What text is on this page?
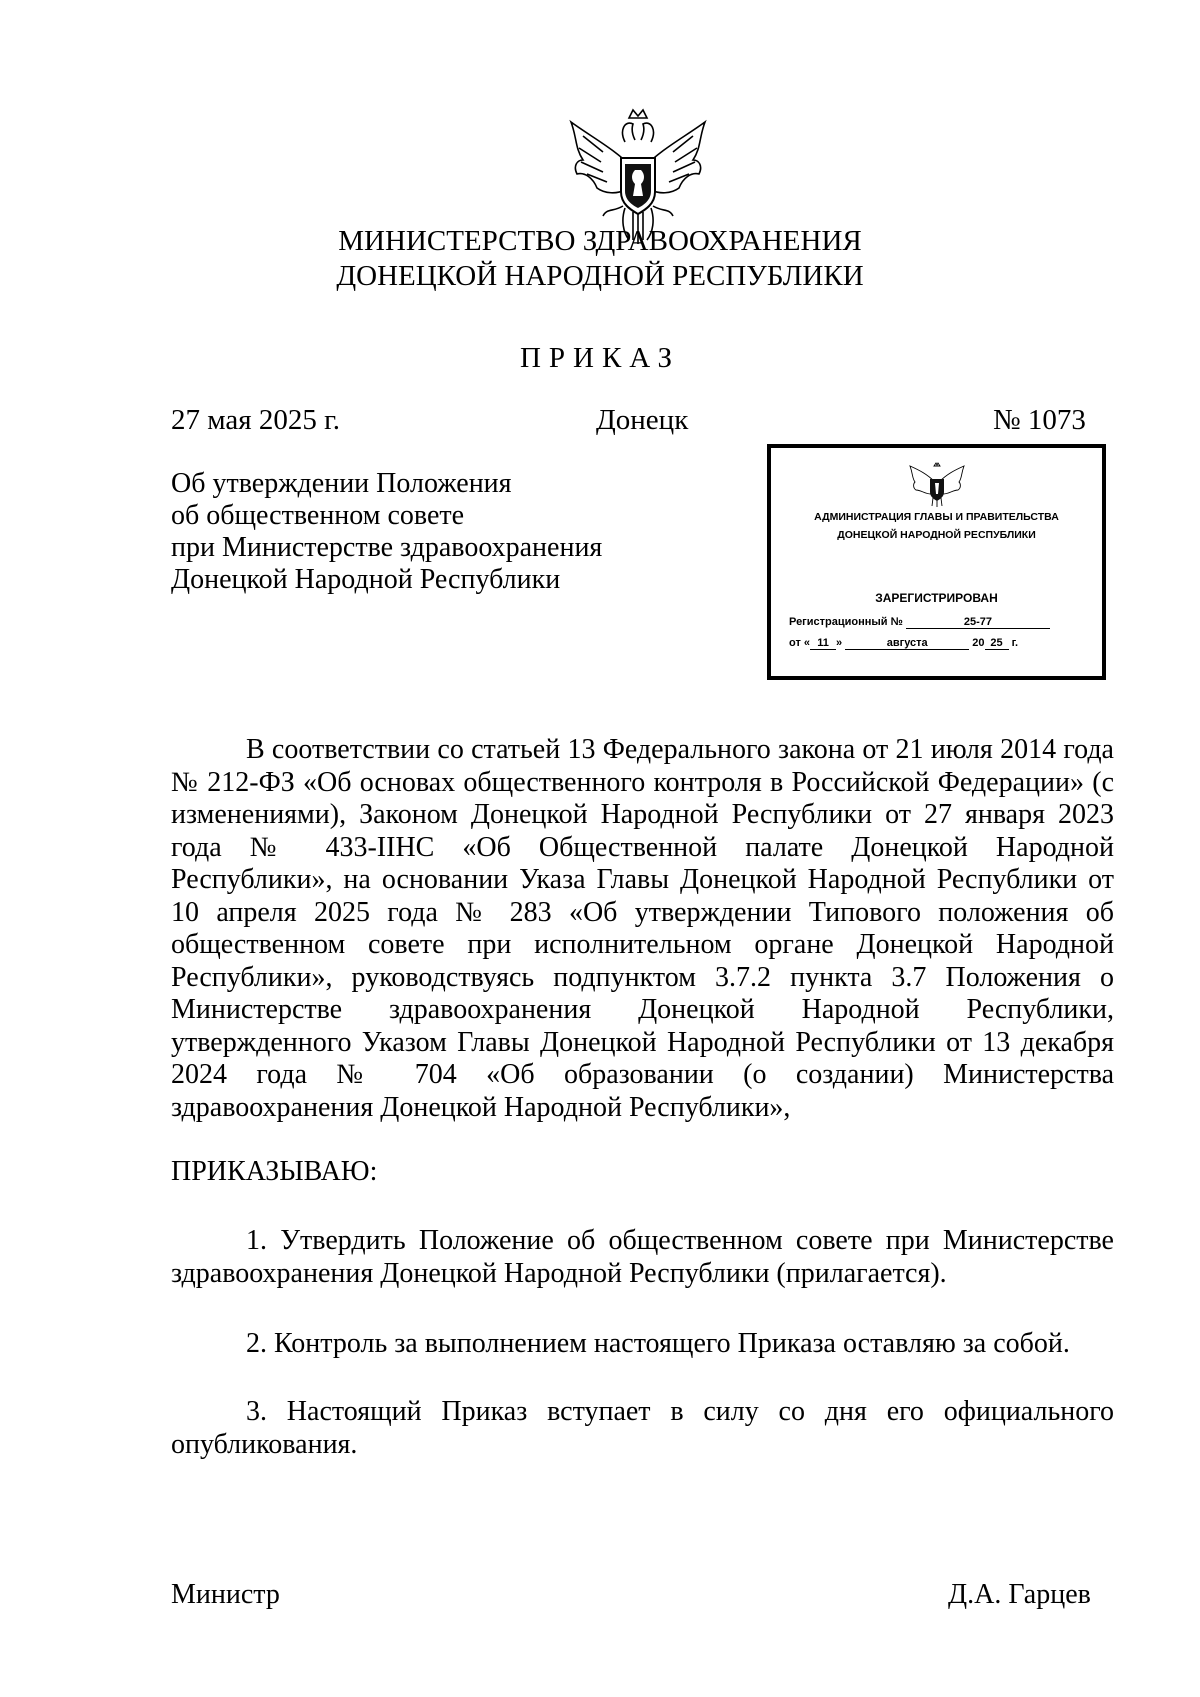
МИНИСТЕРСТВО ЗДРАВООХРАНЕНИЯ
ДОНЕЦКОЙ НАРОДНОЙ РЕСПУБЛИКИ
ПРИКАЗ
27 мая 2025 г.	Донецк	№ 1073
Об утверждении Положения
об общественном совете
при Министерстве здравоохранения
Донецкой Народной Республики
АДМИНИСТРАЦИЯ ГЛАВЫ И ПРАВИТЕЛЬСТВА
ДОНЕЦКОЙ НАРОДНОЙ РЕСПУБЛИКИ
ЗАРЕГИСТРИРОВАН
Регистрационный №	25-77
от « 11 »	августа	20 25 г.

В соответствии со статьей 13 Федерального закона от 21 июля 2014 года № 212-ФЗ «Об основах общественного контроля в Российской Федерации» (с изменениями), Законом Донецкой Народной Республики от 27 января 2023 года № 433-IIНС «Об Общественной палате Донецкой Народной Республики», на основании Указа Главы Донецкой Народной Республики от 10 апреля 2025 года № 283 «Об утверждении Типового положения об общественном совете при исполнительном органе Донецкой Народной Республики», руководствуясь подпунктом 3.7.2 пункта 3.7 Положения о Министерстве здравоохранения Донецкой Народной Республики, утвержденного Указом Главы Донецкой Народной Республики от 13 декабря 2024 года № 704 «Об образовании (о создании) Министерства здравоохранения Донецкой Народной Республики»,

ПРИКАЗЫВАЮ:

1. Утвердить Положение об общественном совете при Министерстве здравоохранения Донецкой Народной Республики (прилагается).

2. Контроль за выполнением настоящего Приказа оставляю за собой.

3. Настоящий Приказ вступает в силу со дня его официального опубликования.

Министр	Д.А. Гарцев
